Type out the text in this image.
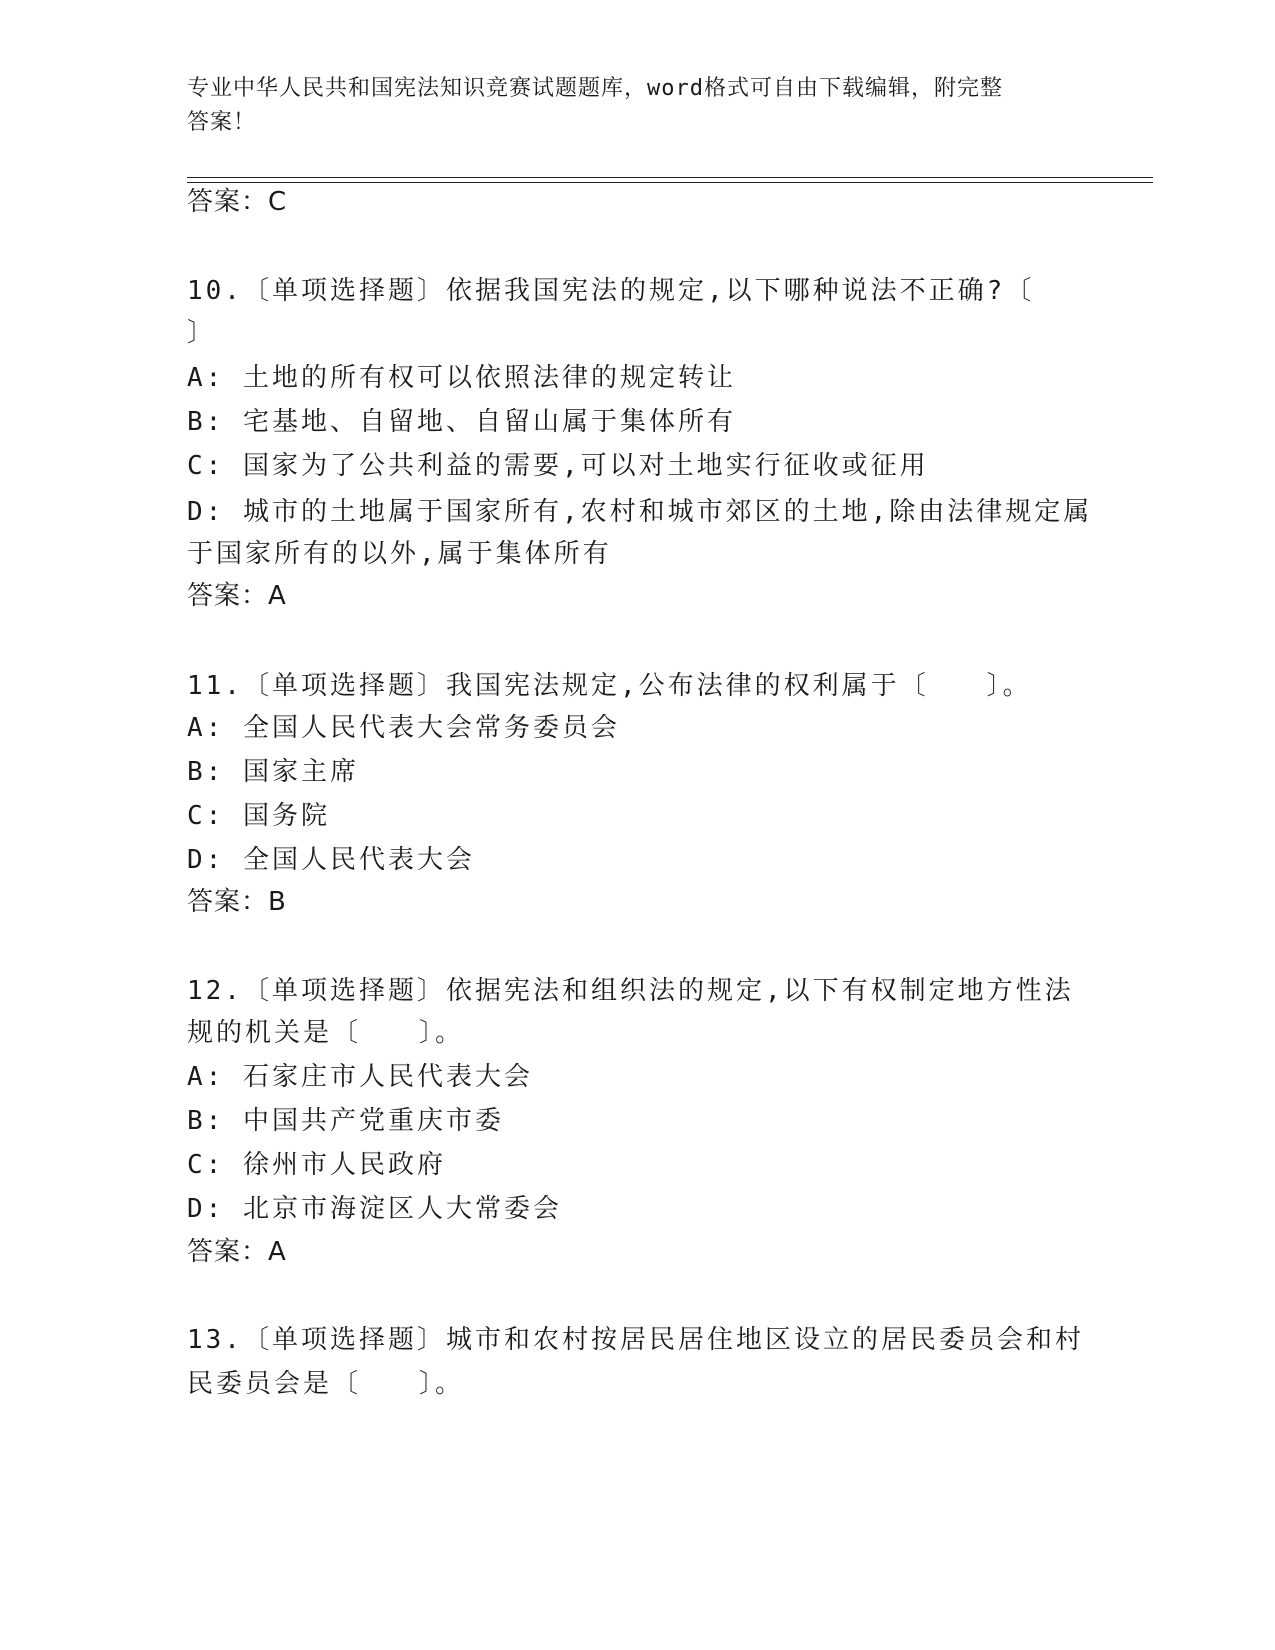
专业中华人民共和国宪法知识竞赛试题题库，word格式可自由下载编辑，附完整
答案！
答案：C
10.〔单项选择题〕依据我国宪法的规定,以下哪种说法不正确?〔
〕
A: 土地的所有权可以依照法律的规定转让
B: 宅基地、自留地、自留山属于集体所有
C: 国家为了公共利益的需要,可以对土地实行征收或征用
D: 城市的土地属于国家所有,农村和城市郊区的土地,除由法律规定属
于国家所有的以外,属于集体所有
答案：A
11.〔单项选择题〕我国宪法规定,公布法律的权利属于〔　　〕。
A: 全国人民代表大会常务委员会
B: 国家主席
C: 国务院
D: 全国人民代表大会
答案：B
12.〔单项选择题〕依据宪法和组织法的规定,以下有权制定地方性法
规的机关是〔　　〕。
A: 石家庄市人民代表大会
B: 中国共产党重庆市委
C: 徐州市人民政府
D: 北京市海淀区人大常委会
答案：A
13.〔单项选择题〕城市和农村按居民居住地区设立的居民委员会和村
民委员会是〔　　〕。
